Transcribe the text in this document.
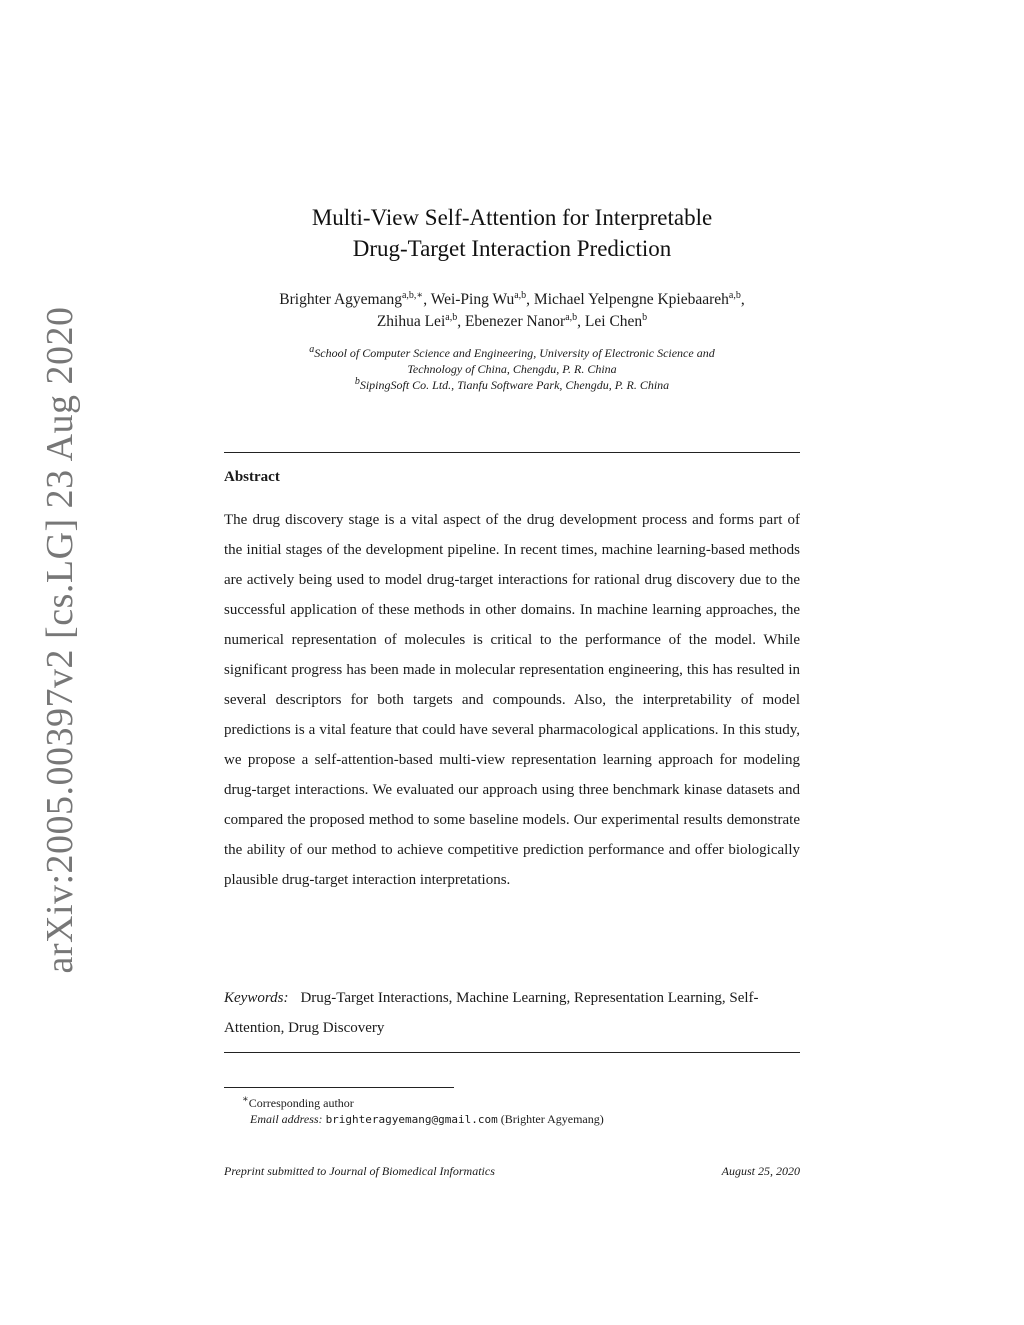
arXiv:2005.00397v2 [cs.LG] 23 Aug 2020
Multi-View Self-Attention for Interpretable
Drug-Target Interaction Prediction
Brighter Agyemang$^{a,b,∗}$, Wei-Ping Wu$^{a,b}$, Michael Yelpengne Kpiebaareh$^{a,b}$,
Zhihua Lei$^{a,b}$, Ebenezer Nanor$^{a,b}$, Lei Chen$^b$
$^a$School of Computer Science and Engineering, University of Electronic Science and
Technology of China, Chengdu, P. R. China
$^b$SipingSoft Co. Ltd., Tianfu Software Park, Chengdu, P. R. China
Abstract
The drug discovery stage is a vital aspect of the drug development process and forms part of the initial stages of the development pipeline. In recent times, machine learning-based methods are actively being used to model drug-target interactions for rational drug discovery due to the successful application of these methods in other domains. In machine learning approaches, the numerical representation of molecules is critical to the performance of the model. While significant progress has been made in molecular representation engineering, this has resulted in several descriptors for both targets and compounds. Also, the interpretability of model predictions is a vital feature that could have several pharmacological applications. In this study, we propose a self-attention-based multi-view representation learning approach for modeling drug-target interactions. We evaluated our approach using three benchmark kinase datasets and compared the proposed method to some baseline models. Our experimental results demonstrate the ability of our method to achieve competitive prediction performance and offer biologically plausible drug-target interaction interpretations.
Keywords: Drug-Target Interactions, Machine Learning, Representation Learning, Self-Attention, Drug Discovery
∗Corresponding author
Email address: brighteragyemang@gmail.com (Brighter Agyemang)
Preprint submitted to Journal of Biomedical Informatics	August 25, 2020
